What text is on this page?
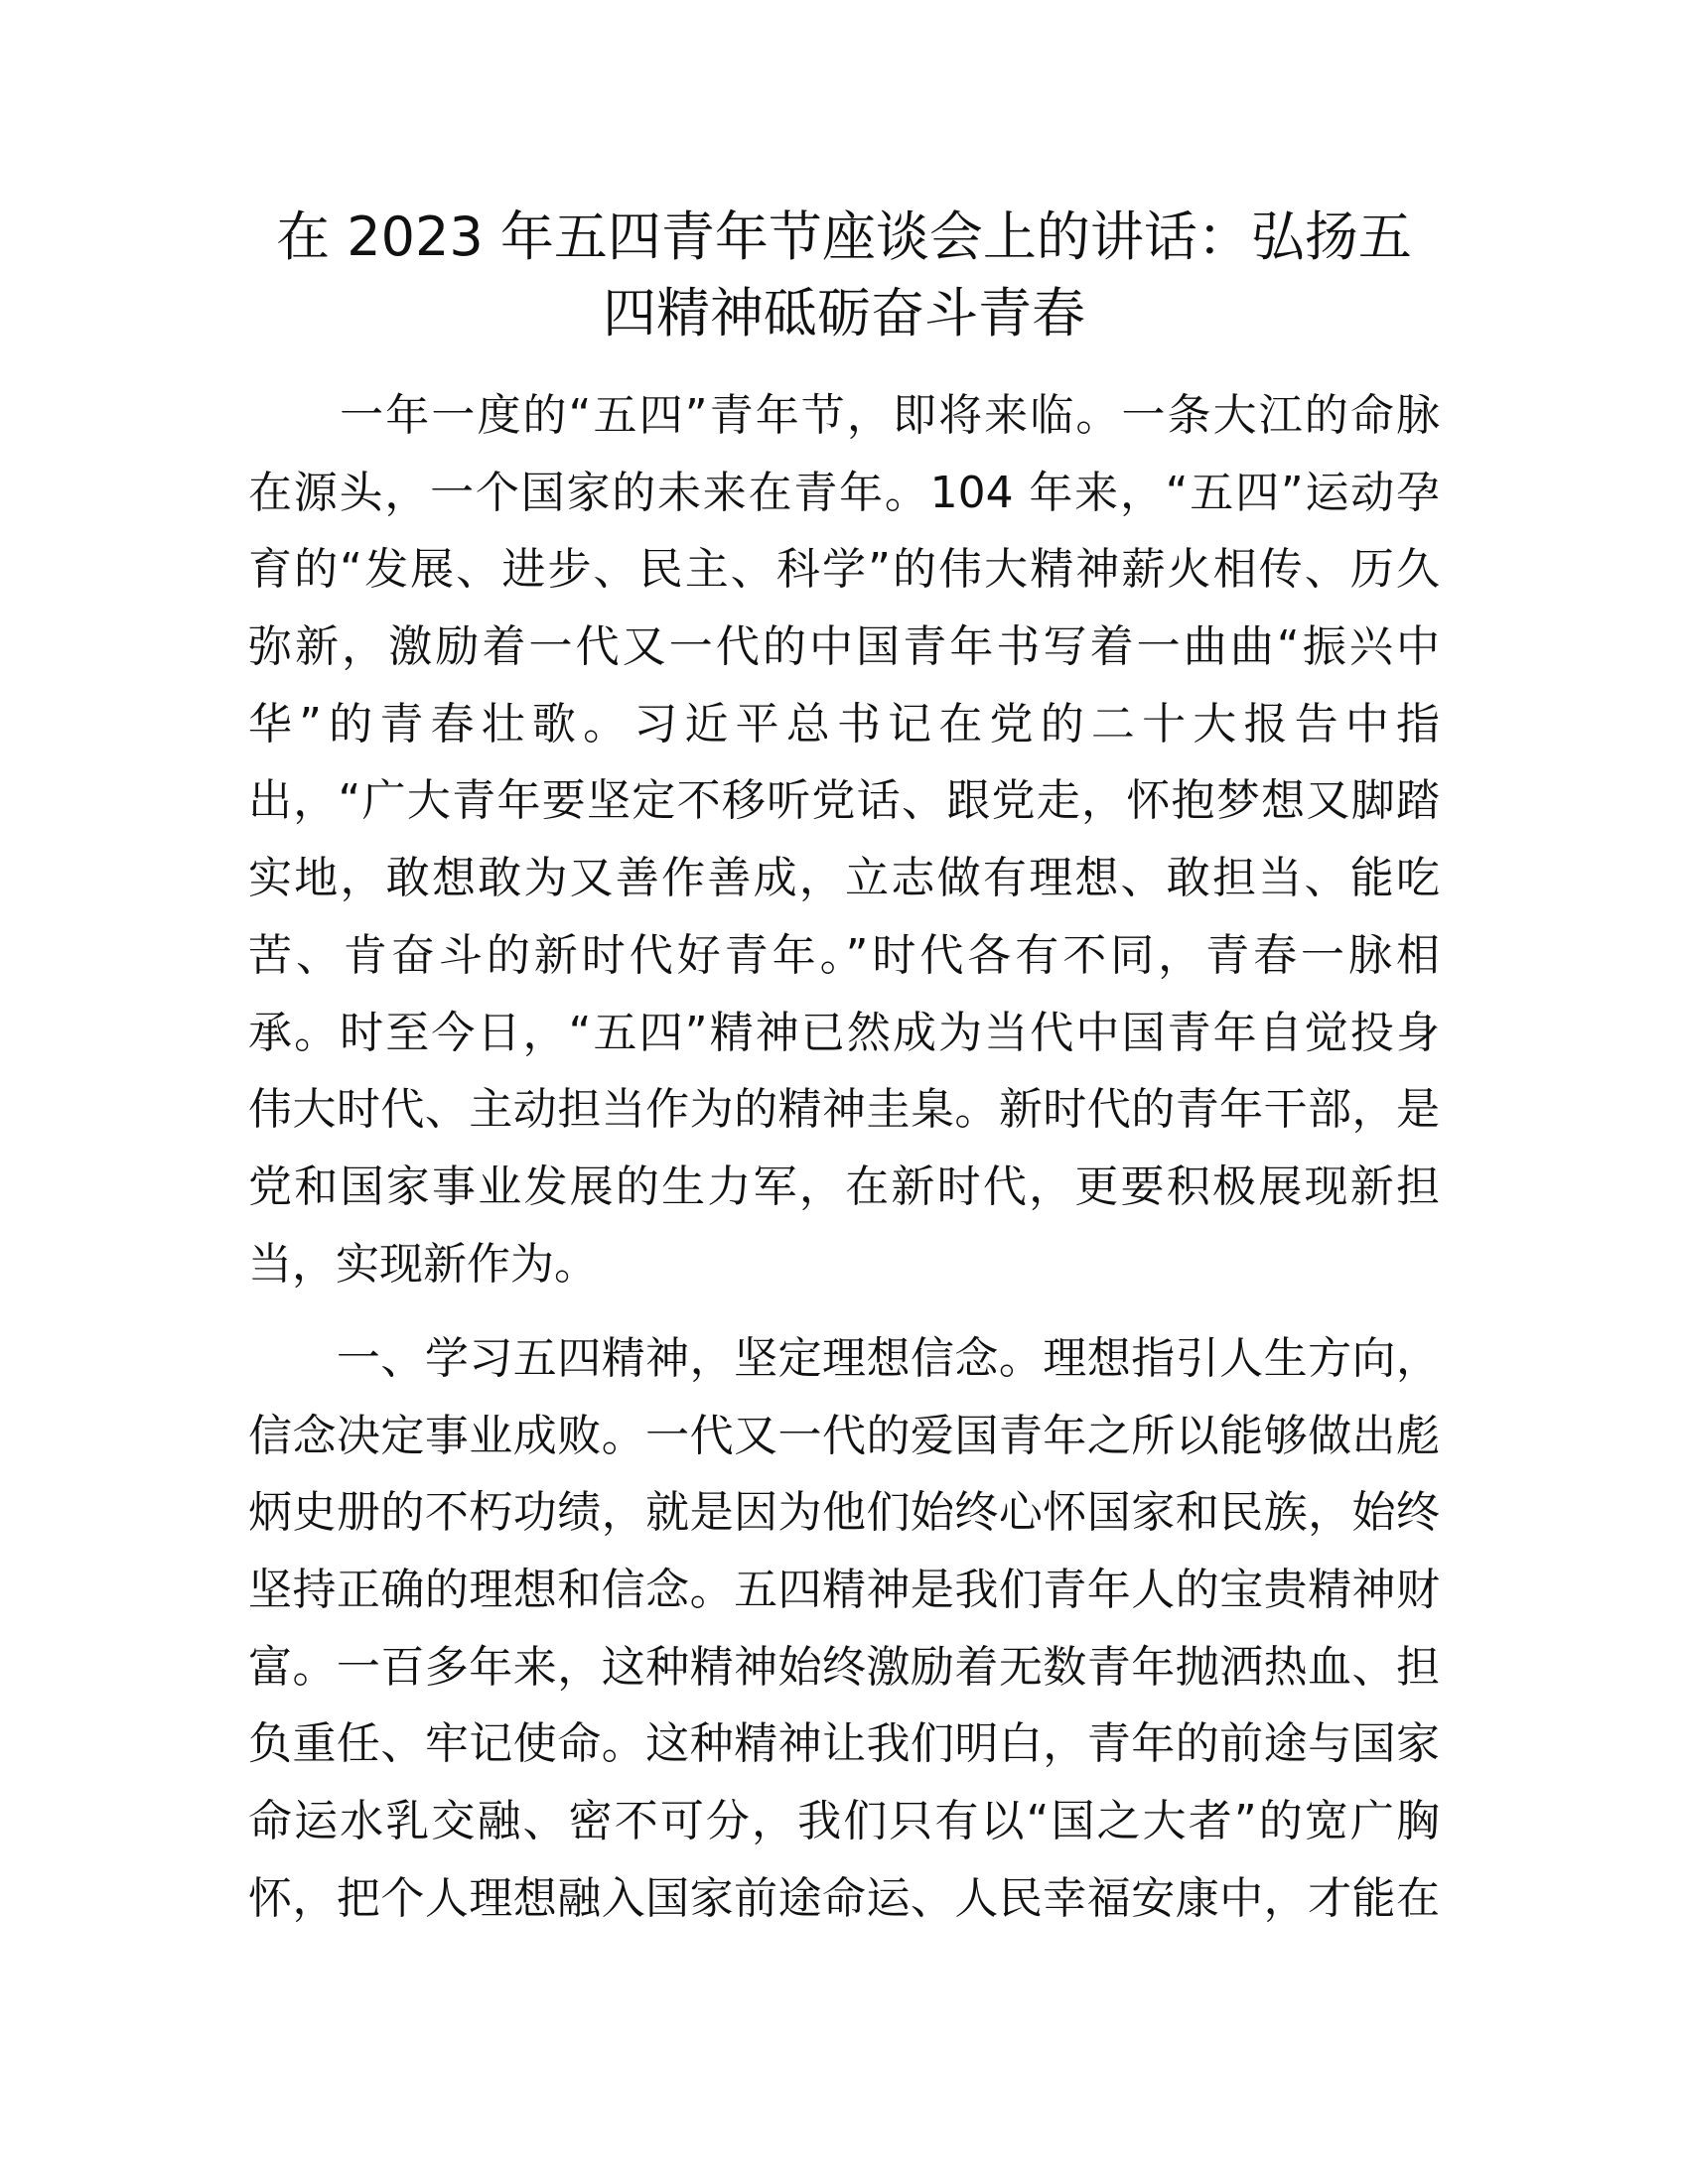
在 2023 年五四青年节座谈会上的讲话：弘扬五
四精神砥砺奋斗青春
　　一年一度的“五四”青年节，即将来临。一条大江的命脉
在源头，一个国家的未来在青年。104 年来，“五四”运动孕
育的“发展、进步、民主、科学”的伟大精神薪火相传、历久
弥新，激励着一代又一代的中国青年书写着一曲曲“振兴中
华”的青春壮歌。习近平总书记在党的二十大报告中指
出，“广大青年要坚定不移听党话、跟党走，怀抱梦想又脚踏
实地，敢想敢为又善作善成，立志做有理想、敢担当、能吃
苦、肯奋斗的新时代好青年。”时代各有不同，青春一脉相
承。时至今日，“五四”精神已然成为当代中国青年自觉投身
伟大时代、主动担当作为的精神圭臬。新时代的青年干部，是
党和国家事业发展的生力军，在新时代，更要积极展现新担
当，实现新作为。
　　一、学习五四精神，坚定理想信念。理想指引人生方向，
信念决定事业成败。一代又一代的爱国青年之所以能够做出彪
炳史册的不朽功绩，就是因为他们始终心怀国家和民族，始终
坚持正确的理想和信念。五四精神是我们青年人的宝贵精神财
富。一百多年来，这种精神始终激励着无数青年抛洒热血、担
负重任、牢记使命。这种精神让我们明白，青年的前途与国家
命运水乳交融、密不可分，我们只有以“国之大者”的宽广胸
怀，把个人理想融入国家前途命运、人民幸福安康中，才能在
